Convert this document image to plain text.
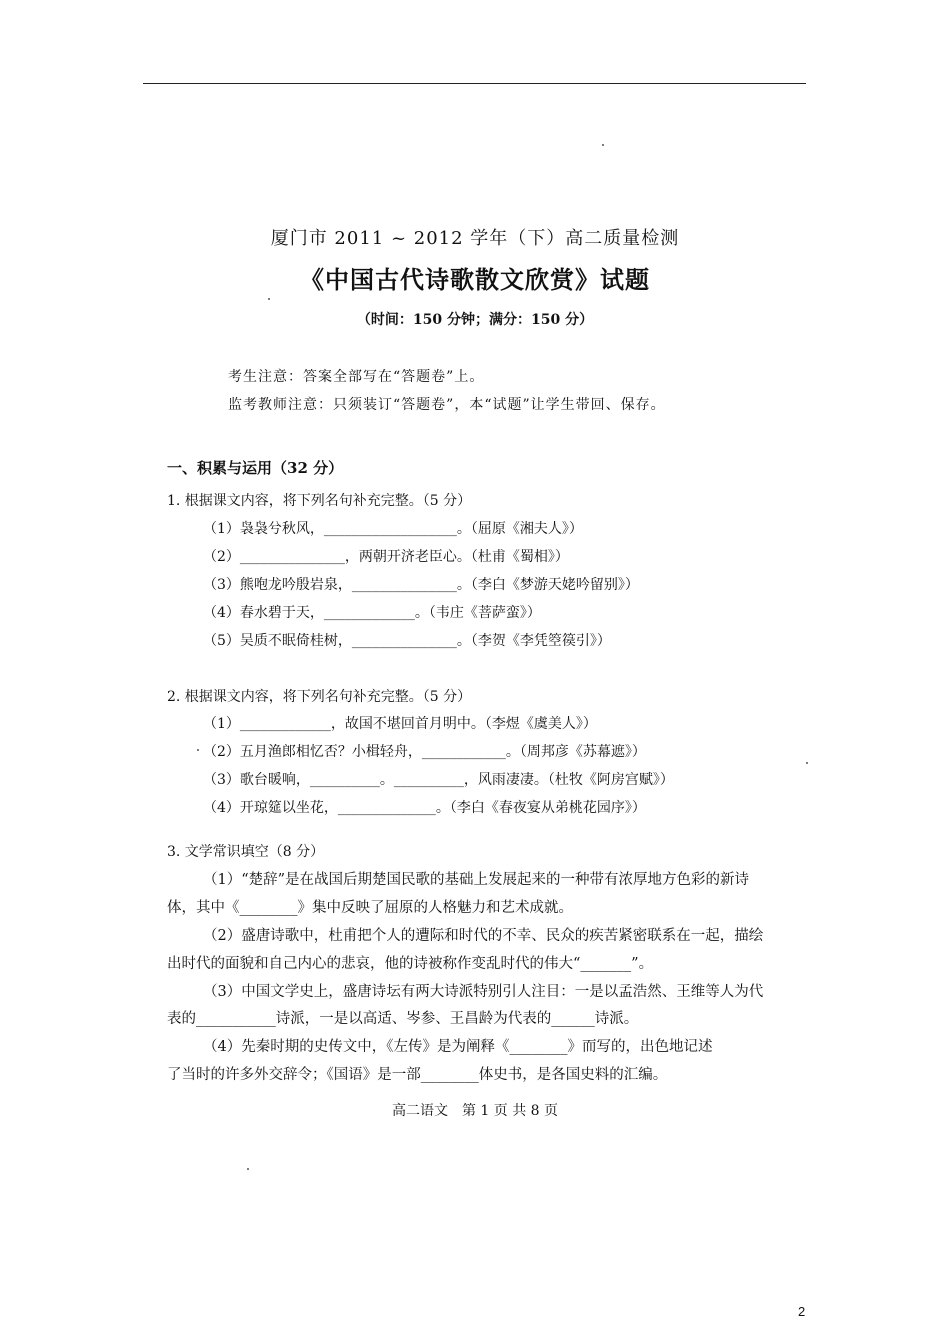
厦门市 2011 ~ 2012 学年（下）高二质量检测
《中国古代诗歌散文欣赏》试题
（时间：150 分钟；满分：150 分）
考生注意：答案全部写在“答题卷”上。
监考教师注意：只须装订“答题卷”，本“试题”让学生带回、保存。
一、积累与运用（32 分）
1. 根据课文内容，将下列名句补充完整。（5 分）
（1）袅袅兮秋风，___________________。（屈原《湘夫人》）
（2）_______________，两朝开济老臣心。（杜甫《蜀相》）
（3）熊咆龙吟殷岩泉，_______________。（李白《梦游天姥吟留别》）
（4）春水碧于天，_____________。（韦庄《菩萨蛮》）
（5）吴质不眠倚桂树，_______________。（李贺《李凭箜篌引》）
2. 根据课文内容，将下列名句补充完整。（5 分）
（1）_____________，故国不堪回首月明中。（李煜《虞美人》）
（2）五月渔郎相忆否？小楫轻舟，____________。（周邦彦《苏幕遮》）
（3）歌台暖响，__________。__________，风雨凄凄。（杜牧《阿房宫赋》）
（4）开琼筵以坐花，______________。（李白《春夜宴从弟桃花园序》）
3. 文学常识填空（8 分）
（1）“楚辞”是在战国后期楚国民歌的基础上发展起来的一种带有浓厚地方色彩的新诗
体，其中《________》集中反映了屈原的人格魅力和艺术成就。
（2）盛唐诗歌中，杜甫把个人的遭际和时代的不幸、民众的疾苦紧密联系在一起，描绘
出时代的面貌和自己内心的悲哀，他的诗被称作变乱时代的伟大“_______”。
（3）中国文学史上，盛唐诗坛有两大诗派特别引人注目：一是以孟浩然、王维等人为代
表的___________诗派，一是以高适、岑参、王昌龄为代表的______诗派。
（4）先秦时期的史传文中，《左传》是为阐释《________》而写的，出色地记述
了当时的许多外交辞令；《国语》是一部________体史书，是各国史料的汇编。
高二语文　第 1 页 共 8 页
2
